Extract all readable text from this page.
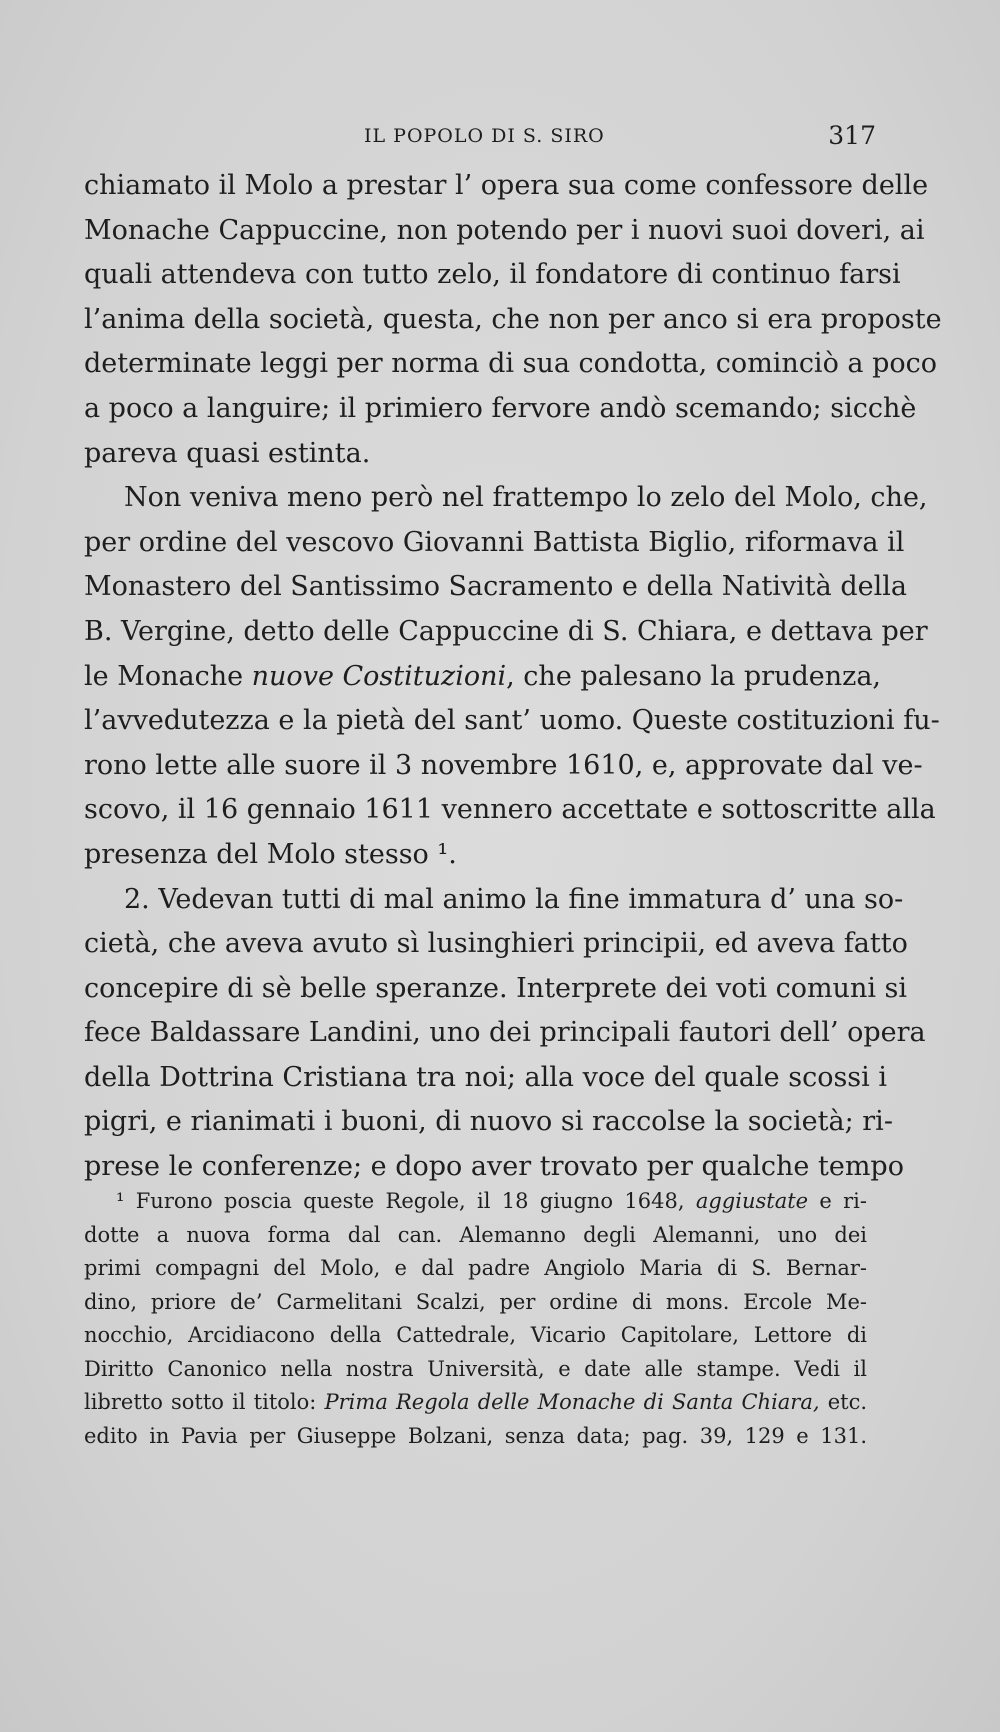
IL POPOLO DI S. SIRO	317
chiamato il Molo a prestar l’ opera sua come confessore delle
Monache Cappuccine, non potendo per i nuovi suoi doveri, ai
quali attendeva con tutto zelo, il fondatore di continuo farsi
l’anima della società, questa, che non per anco si era proposte
determinate leggi per norma di sua condotta, cominciò a poco
a poco a languire; il primiero fervore andò scemando; sicchè
pareva quasi estinta.
Non veniva meno però nel frattempo lo zelo del Molo, che,
per ordine del vescovo Giovanni Battista Biglio, riformava il
Monastero del Santissimo Sacramento e della Natività della
B. Vergine, detto delle Cappuccine di S. Chiara, e dettava per
le Monache nuove Costituzioni, che palesano la prudenza,
l’avvedutezza e la pietà del sant’ uomo. Queste costituzioni fu-
rono lette alle suore il 3 novembre 1610, e, approvate dal ve-
scovo, il 16 gennaio 1611 vennero accettate e sottoscritte alla
presenza del Molo stesso ¹.
2. Vedevan tutti di mal animo la fine immatura d’ una so-
cietà, che aveva avuto sì lusinghieri principii, ed aveva fatto
concepire di sè belle speranze. Interprete dei voti comuni si
fece Baldassare Landini, uno dei principali fautori dell’ opera
della Dottrina Cristiana tra noi; alla voce del quale scossi i
pigri, e rianimati i buoni, di nuovo si raccolse la società; ri-
prese le conferenze; e dopo aver trovato per qualche tempo
¹ Furono poscia queste Regole, il 18 giugno 1648, aggiustate e ri-
dotte a nuova forma dal can. Alemanno degli Alemanni, uno dei
primi compagni del Molo, e dal padre Angiolo Maria di S. Bernar-
dino, priore de’ Carmelitani Scalzi, per ordine di mons. Ercole Me-
nocchio, Arcidiacono della Cattedrale, Vicario Capitolare, Lettore di
Diritto Canonico nella nostra Università, e date alle stampe. Vedi il
libretto sotto il titolo: Prima Regola delle Monache di Santa Chiara, etc.
edito in Pavia per Giuseppe Bolzani, senza data; pag. 39, 129 e 131.
